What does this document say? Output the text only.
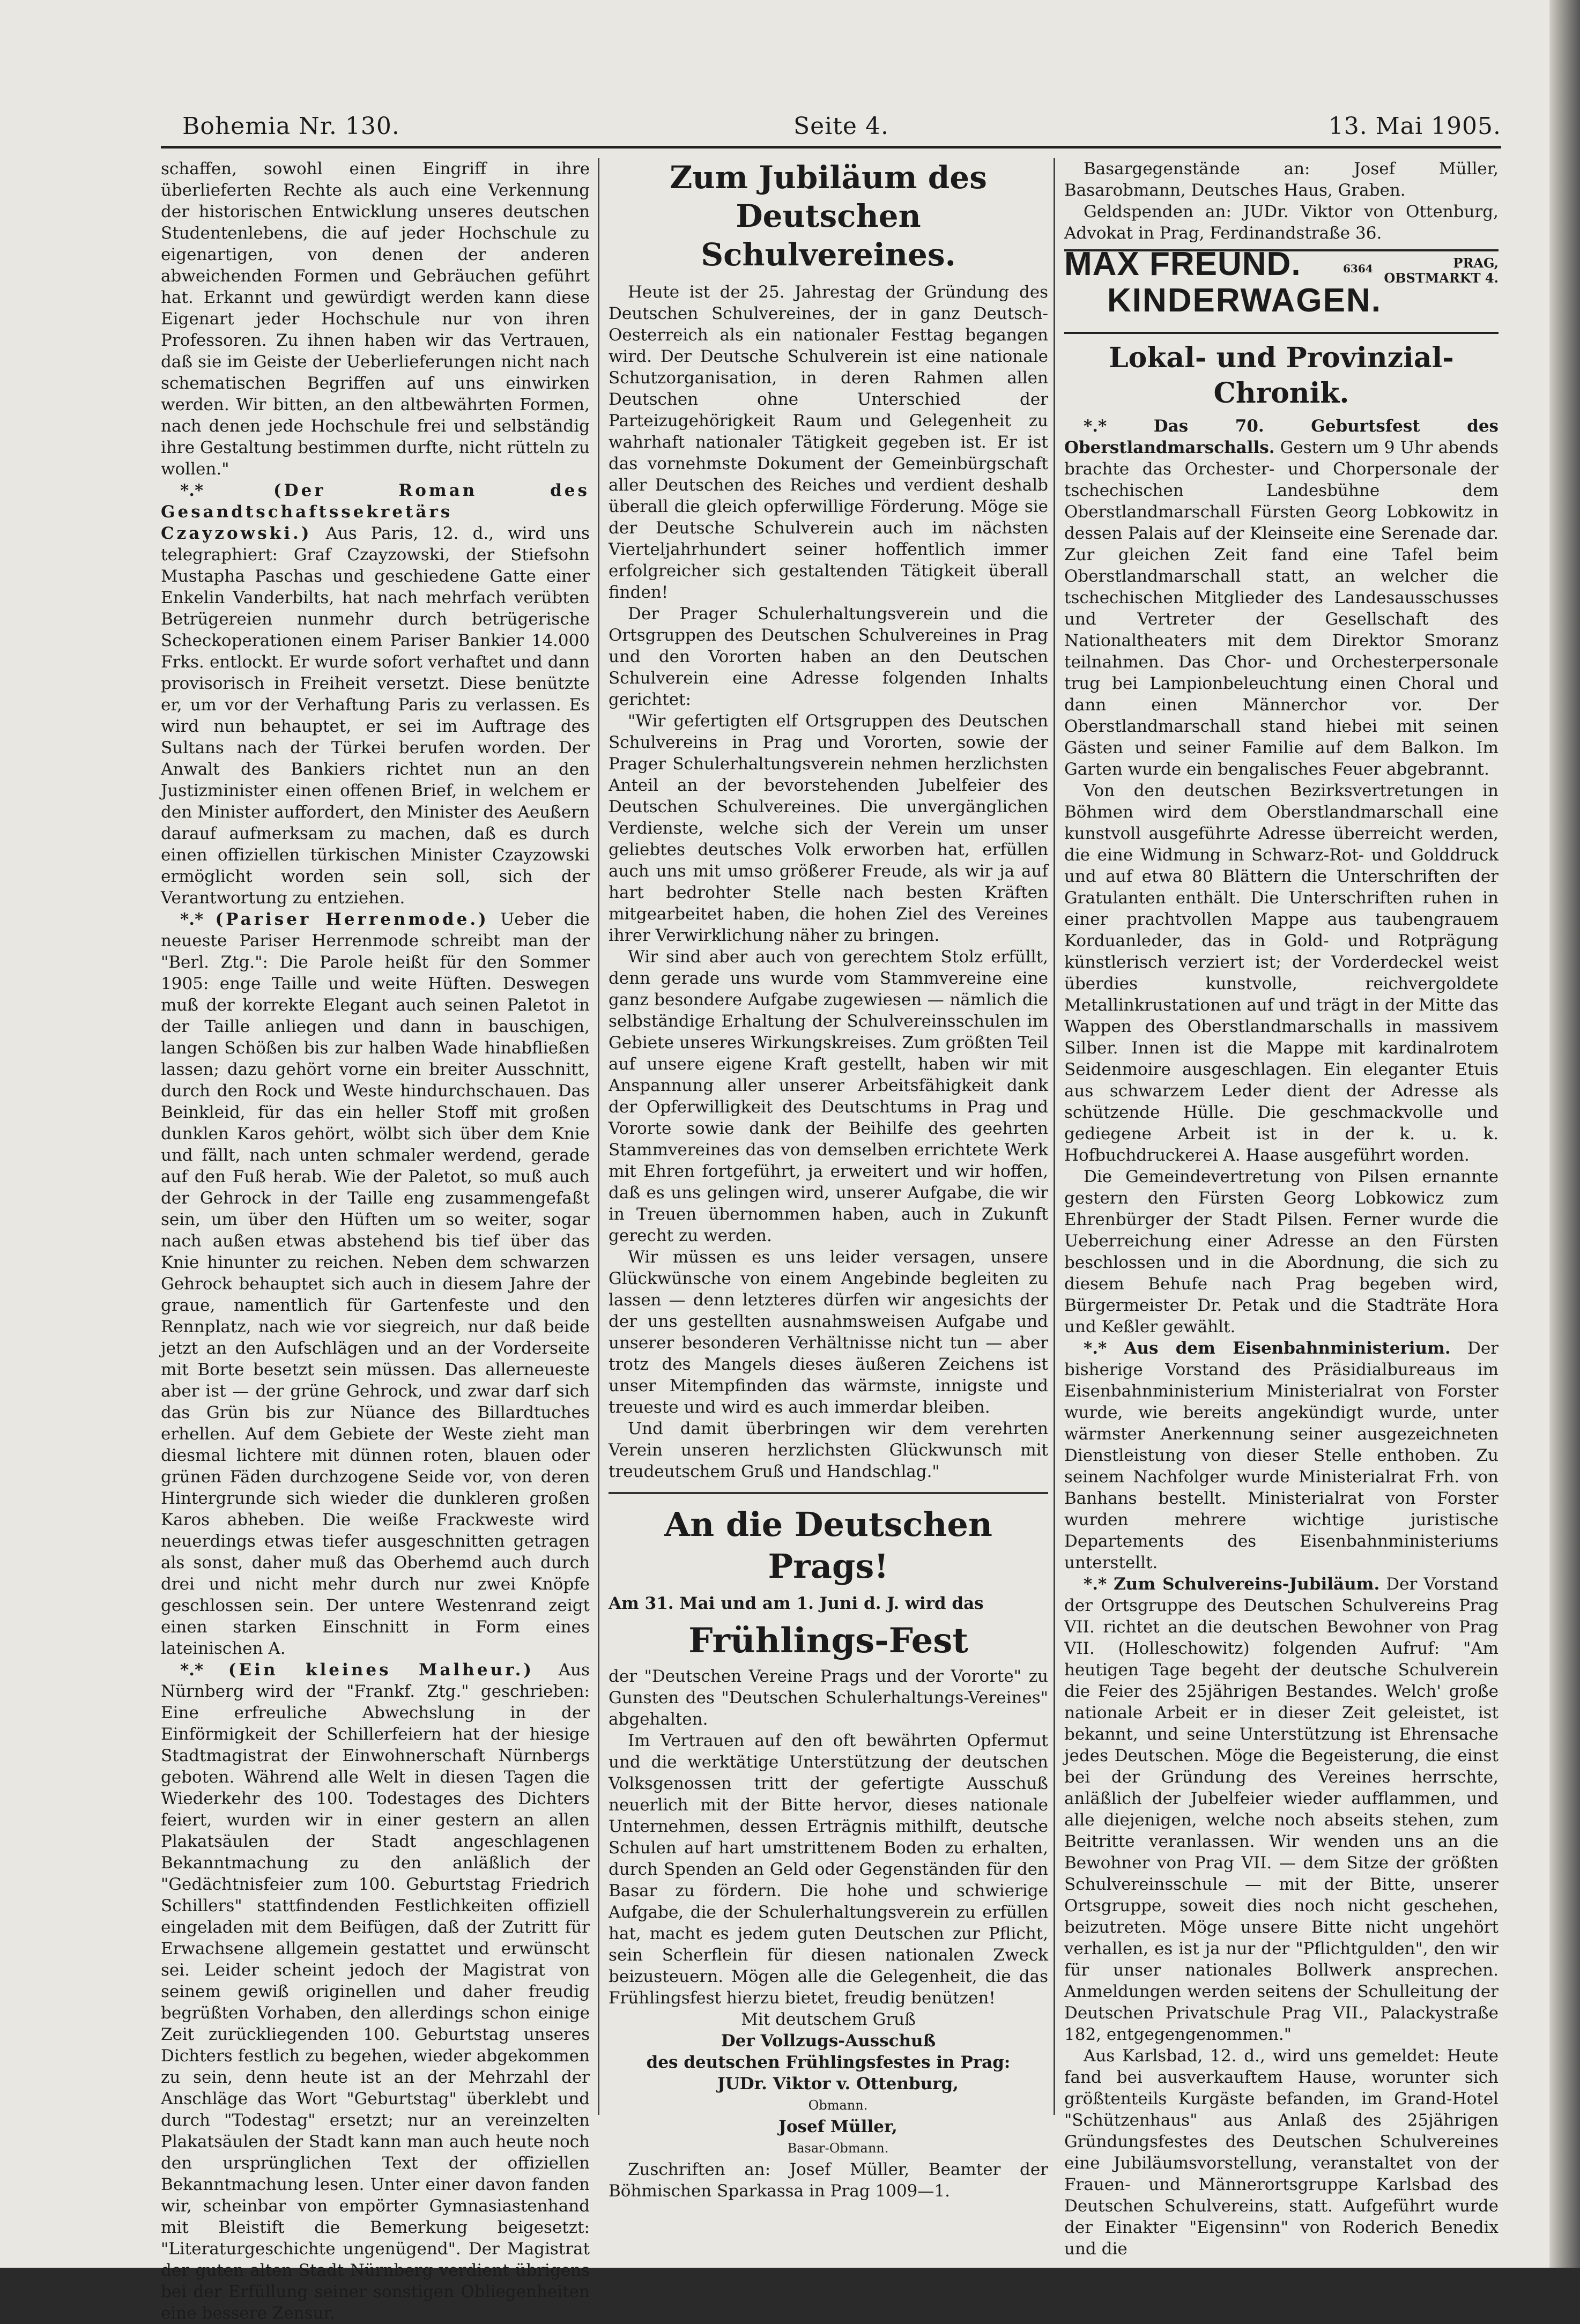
Bohemia Nr. 130.	Seite 4.	13. Mai 1905.

schaffen, sowohl einen Eingriff in ihre überlieferten Rechte als auch eine Verkennung der historischen Entwicklung unseres deutschen Studentenlebens, die auf jeder Hochschule zu eigenartigen, von denen der anderen abweichenden Formen und Gebräuchen geführt hat. Erkannt und gewürdigt werden kann diese Eigenart jeder Hochschule nur von ihren Professoren. Zu ihnen haben wir das Vertrauen, daß sie im Geiste der Ueberlieferungen nicht nach schematischen Begriffen auf uns einwirken werden. Wir bitten, an den altbewährten Formen, nach denen jede Hochschule frei und selbständig ihre Gestaltung bestimmen durfte, nicht rütteln zu wollen."

*.* (Der Roman des Gesandtschaftssekretärs Czayzowski.) Aus Paris, 12. d., wird uns telegraphiert: Graf Czayzowski, der Stiefsohn Mustapha Paschas und geschiedene Gatte einer Enkelin Vanderbilts, hat nach mehrfach verübten Betrügereien nunmehr durch betrügerische Scheckoperationen einem Pariser Bankier 14.000 Frks. entlockt. Er wurde sofort verhaftet und dann provisorisch in Freiheit versetzt. Diese benützte er, um vor der Verhaftung Paris zu verlassen. Es wird nun behauptet, er sei im Auftrage des Sultans nach der Türkei berufen worden. Der Anwalt des Bankiers richtet nun an den Justizminister einen offenen Brief, in welchem er den Minister auffordert, den Minister des Aeußern darauf aufmerksam zu machen, daß es durch einen offiziellen türkischen Minister Czayzowski ermöglicht worden sein soll, sich der Verantwortung zu entziehen.

*.* (Pariser Herrenmode.) Ueber die neueste Pariser Herrenmode schreibt man der "Berl. Ztg.": Die Parole heißt für den Sommer 1905: enge Taille und weite Hüften. Deswegen muß der korrekte Elegant auch seinen Paletot in der Taille anliegen und dann in bauschigen, langen Schößen bis zur halben Wade hinabfließen lassen; dazu gehört vorne ein breiter Ausschnitt, durch den Rock und Weste hindurchschauen. Das Beinkleid, für das ein heller Stoff mit großen dunklen Karos gehört, wölbt sich über dem Knie und fällt, nach unten schmaler werdend, gerade auf den Fuß herab. Wie der Paletot, so muß auch der Gehrock in der Taille eng zusammengefaßt sein, um über den Hüften um so weiter, sogar nach außen etwas abstehend bis tief über das Knie hinunter zu reichen. Neben dem schwarzen Gehrock behauptet sich auch in diesem Jahre der graue, namentlich für Gartenfeste und den Rennplatz, nach wie vor siegreich, nur daß beide jetzt an den Aufschlägen und an der Vorderseite mit Borte besetzt sein müssen. Das allerneueste aber ist — der grüne Gehrock, und zwar darf sich das Grün bis zur Nüance des Billardtuches erhellen. Auf dem Gebiete der Weste zieht man diesmal lichtere mit dünnen roten, blauen oder grünen Fäden durchzogene Seide vor, von deren Hintergrunde sich wieder die dunkleren großen Karos abheben. Die weiße Frackweste wird neuerdings etwas tiefer ausgeschnitten getragen als sonst, daher muß das Oberhemd auch durch drei und nicht mehr durch nur zwei Knöpfe geschlossen sein. Der untere Westenrand zeigt einen starken Einschnitt in Form eines lateinischen A.

*.* (Ein kleines Malheur.) Aus Nürnberg wird der "Frankf. Ztg." geschrieben: Eine erfreuliche Abwechslung in der Einförmigkeit der Schillerfeiern hat der hiesige Stadtmagistrat der Einwohnerschaft Nürnbergs geboten. Während alle Welt in diesen Tagen die Wiederkehr des 100. Todestages des Dichters feiert, wurden wir in einer gestern an allen Plakatsäulen der Stadt angeschlagenen Bekanntmachung zu den anläßlich der "Gedächtnisfeier zum 100. Geburtstag Friedrich Schillers" stattfindenden Festlichkeiten offiziell eingeladen mit dem Beifügen, daß der Zutritt für Erwachsene allgemein gestattet und erwünscht sei. Leider scheint jedoch der Magistrat von seinem gewiß originellen und daher freudig begrüßten Vorhaben, den allerdings schon einige Zeit zurückliegenden 100. Geburtstag unseres Dichters festlich zu begehen, wieder abgekommen zu sein, denn heute ist an der Mehrzahl der Anschläge das Wort "Geburtstag" überklebt und durch "Todestag" ersetzt; nur an vereinzelten Plakatsäulen der Stadt kann man auch heute noch den ursprünglichen Text der offiziellen Bekanntmachung lesen. Unter einer davon fanden wir, scheinbar von empörter Gymnasiastenhand mit Bleistift die Bemerkung beigesetzt: "Literaturgeschichte ungenügend". Der Magistrat der guten alten Stadt Nürnberg verdient übrigens bei der Erfüllung seiner sonstigen Obliegenheiten eine bessere Zensur.

Zum Jubiläum des Deutschen Schulvereines.

Heute ist der 25. Jahrestag der Gründung des Deutschen Schulvereines, der in ganz Deutsch-Oesterreich als ein nationaler Festtag begangen wird. Der Deutsche Schulverein ist eine nationale Schutzorganisation, in deren Rahmen allen Deutschen ohne Unterschied der Parteizugehörigkeit Raum und Gelegenheit zu wahrhaft nationaler Tätigkeit gegeben ist. Er ist das vornehmste Dokument der Gemeinbürgschaft aller Deutschen des Reiches und verdient deshalb überall die gleich opferwillige Förderung. Möge sie der Deutsche Schulverein auch im nächsten Vierteljahrhundert seiner hoffentlich immer erfolgreicher sich gestaltenden Tätigkeit überall finden!

Der Prager Schulerhaltungsverein und die Ortsgruppen des Deutschen Schulvereines in Prag und den Vororten haben an den Deutschen Schulverein eine Adresse folgenden Inhalts gerichtet:

"Wir gefertigten elf Ortsgruppen des Deutschen Schulvereins in Prag und Vororten, sowie der Prager Schulerhaltungsverein nehmen herzlichsten Anteil an der bevorstehenden Jubelfeier des Deutschen Schulvereines. Die unvergänglichen Verdienste, welche sich der Verein um unser geliebtes deutsches Volk erworben hat, erfüllen auch uns mit umso größerer Freude, als wir ja auf hart bedrohter Stelle nach besten Kräften mitgearbeitet haben, die hohen Ziel des Vereines ihrer Verwirklichung näher zu bringen.

Wir sind aber auch von gerechtem Stolz erfüllt, denn gerade uns wurde vom Stammvereine eine ganz besondere Aufgabe zugewiesen — nämlich die selbständige Erhaltung der Schulvereinsschulen im Gebiete unseres Wirkungskreises. Zum größten Teil auf unsere eigene Kraft gestellt, haben wir mit Anspannung aller unserer Arbeitsfähigkeit dank der Opferwilligkeit des Deutschtums in Prag und Vororte sowie dank der Beihilfe des geehrten Stammvereines das von demselben errichtete Werk mit Ehren fortgeführt, ja erweitert und wir hoffen, daß es uns gelingen wird, unserer Aufgabe, die wir in Treuen übernommen haben, auch in Zukunft gerecht zu werden.

Wir müssen es uns leider versagen, unsere Glückwünsche von einem Angebinde begleiten zu lassen — denn letzteres dürfen wir angesichts der der uns gestellten ausnahmsweisen Aufgabe und unserer besonderen Verhältnisse nicht tun — aber trotz des Mangels dieses äußeren Zeichens ist unser Mitempfinden das wärmste, innigste und treueste und wird es auch immerdar bleiben.

Und damit überbringen wir dem verehrten Verein unseren herzlichsten Glückwunsch mit treudeutschem Gruß und Handschlag."

An die Deutschen Prags!

Am 31. Mai und am 1. Juni d. J. wird das

Frühlings-Fest

der "Deutschen Vereine Prags und der Vororte" zu Gunsten des "Deutschen Schulerhaltungs-Vereines" abgehalten.

Im Vertrauen auf den oft bewährten Opfermut und die werktätige Unterstützung der deutschen Volksgenossen tritt der gefertigte Ausschuß neuerlich mit der Bitte hervor, dieses nationale Unternehmen, dessen Erträgnis mithilft, deutsche Schulen auf hart umstrittenem Boden zu erhalten, durch Spenden an Geld oder Gegenständen für den Basar zu fördern. Die hohe und schwierige Aufgabe, die der Schulerhaltungsverein zu erfüllen hat, macht es jedem guten Deutschen zur Pflicht, sein Scherflein für diesen nationalen Zweck beizusteuern. Mögen alle die Gelegenheit, die das Frühlingsfest hierzu bietet, freudig benützen!

Mit deutschem Gruß

Der Vollzugs-Ausschuß

des deutschen Frühlingsfestes in Prag:

JUDr. Viktor v. Ottenburg,

Obmann.

Josef Müller,

Basar-Obmann.

Zuschriften an: Josef Müller, Beamter der Böhmischen Sparkassa in Prag 1009—1.

Basargegenstände an: Josef Müller, Basarobmann, Deutsches Haus, Graben.

Geldspenden an: JUDr. Viktor von Ottenburg, Advokat in Prag, Ferdinandstraße 36.

MAX FREUND.	6364	PRAG,
OBSTMARKT 4.
KINDERWAGEN.
Lokal- und Provinzial-Chronik.

*.* Das 70. Geburtsfest des Oberstlandmarschalls. Gestern um 9 Uhr abends brachte das Orchester- und Chorpersonale der tschechischen Landesbühne dem Oberstlandmarschall Fürsten Georg Lobkowitz in dessen Palais auf der Kleinseite eine Serenade dar. Zur gleichen Zeit fand eine Tafel beim Oberstlandmarschall statt, an welcher die tschechischen Mitglieder des Landesausschusses und Vertreter der Gesellschaft des Nationaltheaters mit dem Direktor Smoranz teilnahmen. Das Chor- und Orchesterpersonale trug bei Lampionbeleuchtung einen Choral und dann einen Männerchor vor. Der Oberstlandmarschall stand hiebei mit seinen Gästen und seiner Familie auf dem Balkon. Im Garten wurde ein bengalisches Feuer abgebrannt.

Von den deutschen Bezirksvertretungen in Böhmen wird dem Oberstlandmarschall eine kunstvoll ausgeführte Adresse überreicht werden, die eine Widmung in Schwarz-Rot- und Golddruck und auf etwa 80 Blättern die Unterschriften der Gratulanten enthält. Die Unterschriften ruhen in einer prachtvollen Mappe aus taubengrauem Korduanleder, das in Gold- und Rotprägung künstlerisch verziert ist; der Vorderdeckel weist überdies kunstvolle, reichvergoldete Metallinkrustationen auf und trägt in der Mitte das Wappen des Oberstlandmarschalls in massivem Silber. Innen ist die Mappe mit kardinalrotem Seidenmoire ausgeschlagen. Ein eleganter Etuis aus schwarzem Leder dient der Adresse als schützende Hülle. Die geschmackvolle und gediegene Arbeit ist in der k. u. k. Hofbuchdruckerei A. Haase ausgeführt worden.

Die Gemeindevertretung von Pilsen ernannte gestern den Fürsten Georg Lobkowicz zum Ehrenbürger der Stadt Pilsen. Ferner wurde die Ueberreichung einer Adresse an den Fürsten beschlossen und in die Abordnung, die sich zu diesem Behufe nach Prag begeben wird, Bürgermeister Dr. Petak und die Stadträte Hora und Keßler gewählt.

*.* Aus dem Eisenbahnministerium. Der bisherige Vorstand des Präsidialbureaus im Eisenbahnministerium Ministerialrat von Forster wurde, wie bereits angekündigt wurde, unter wärmster Anerkennung seiner ausgezeichneten Dienstleistung von dieser Stelle enthoben. Zu seinem Nachfolger wurde Ministerialrat Frh. von Banhans bestellt. Ministerialrat von Forster wurden mehrere wichtige juristische Departements des Eisenbahnministeriums unterstellt.

*.* Zum Schulvereins-Jubiläum. Der Vorstand der Ortsgruppe des Deutschen Schulvereins Prag VII. richtet an die deutschen Bewohner von Prag VII. (Holleschowitz) folgenden Aufruf: "Am heutigen Tage begeht der deutsche Schulverein die Feier des 25jährigen Bestandes. Welch' große nationale Arbeit er in dieser Zeit geleistet, ist bekannt, und seine Unterstützung ist Ehrensache jedes Deutschen. Möge die Begeisterung, die einst bei der Gründung des Vereines herrschte, anläßlich der Jubelfeier wieder aufflammen, und alle diejenigen, welche noch abseits stehen, zum Beitritte veranlassen. Wir wenden uns an die Bewohner von Prag VII. — dem Sitze der größten Schulvereinsschule — mit der Bitte, unserer Ortsgruppe, soweit dies noch nicht geschehen, beizutreten. Möge unsere Bitte nicht ungehört verhallen, es ist ja nur der "Pflichtgulden", den wir für unser nationales Bollwerk ansprechen. Anmeldungen werden seitens der Schulleitung der Deutschen Privatschule Prag VII., Palackystraße 182, entgegengenommen."

Aus Karlsbad, 12. d., wird uns gemeldet: Heute fand bei ausverkauftem Hause, worunter sich größtenteils Kurgäste befanden, im Grand-Hotel "Schützenhaus" aus Anlaß des 25jährigen Gründungsfestes des Deutschen Schulvereines eine Jubiläumsvorstellung, veranstaltet von der Frauen- und Männerortsgruppe Karlsbad des Deutschen Schulvereins, statt. Aufgeführt wurde der Einakter "Eigensinn" von Roderich Benedix und die
